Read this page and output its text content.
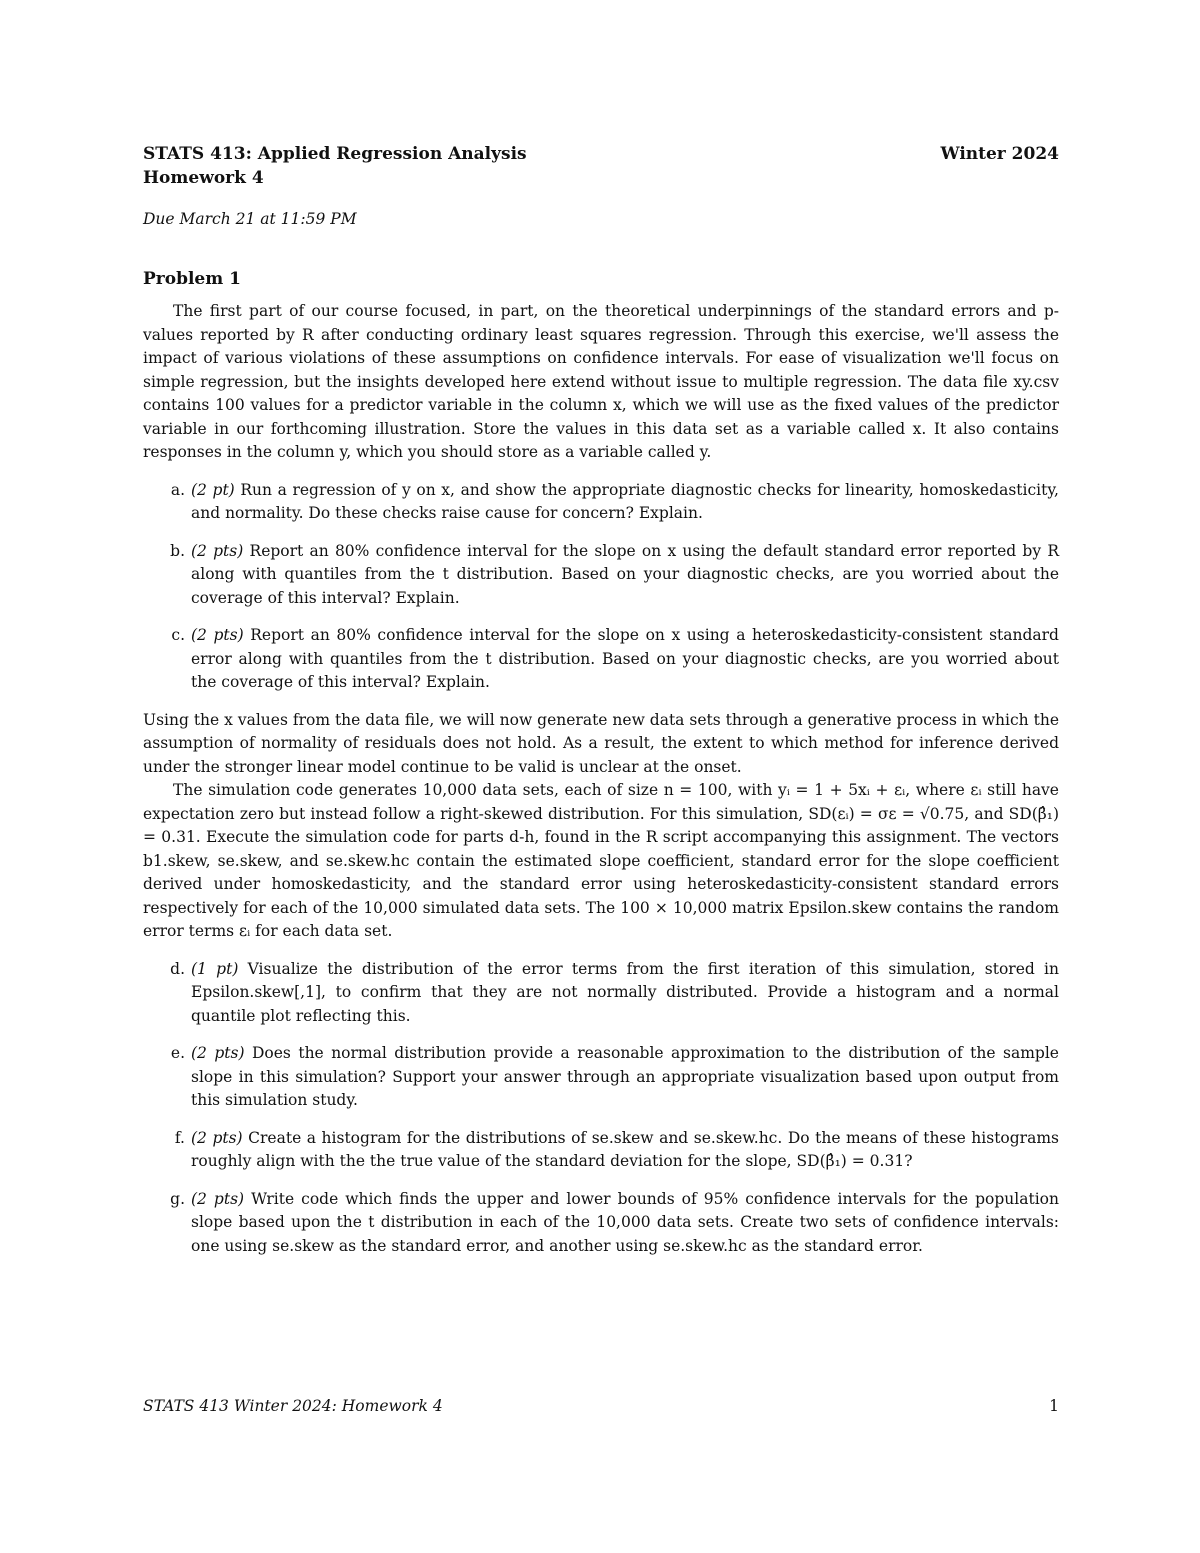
STATS 413: Applied Regression Analysis	Winter 2024
Homework 4
Due March 21 at 11:59 PM
Problem 1

The first part of our course focused, in part, on the theoretical underpinnings of the standard errors and p-values reported by R after conducting ordinary least squares regression. Through this exercise, we'll assess the impact of various violations of these assumptions on confidence intervals. For ease of visualization we'll focus on simple regression, but the insights developed here extend without issue to multiple regression. The data file xy.csv contains 100 values for a predictor variable in the column x, which we will use as the fixed values of the predictor variable in our forthcoming illustration. Store the values in this data set as a variable called x. It also contains responses in the column y, which you should store as a variable called y.

a. (2 pt) Run a regression of y on x, and show the appropriate diagnostic checks for linearity, homoskedasticity, and normality. Do these checks raise cause for concern? Explain.
b. (2 pts) Report an 80% confidence interval for the slope on x using the default standard error reported by R along with quantiles from the t distribution. Based on your diagnostic checks, are you worried about the coverage of this interval? Explain.
c. (2 pts) Report an 80% confidence interval for the slope on x using a heteroskedasticity-consistent standard error along with quantiles from the t distribution. Based on your diagnostic checks, are you worried about the coverage of this interval? Explain.

Using the x values from the data file, we will now generate new data sets through a generative process in which the assumption of normality of residuals does not hold. As a result, the extent to which method for inference derived under the stronger linear model continue to be valid is unclear at the onset.

The simulation code generates 10,000 data sets, each of size n = 100, with yᵢ = 1 + 5xᵢ + εᵢ, where εᵢ still have expectation zero but instead follow a right-skewed distribution. For this simulation, SD(εᵢ) = σε = √0.75, and SD(β̂₁) = 0.31. Execute the simulation code for parts d-h, found in the R script accompanying this assignment. The vectors b1.skew, se.skew, and se.skew.hc contain the estimated slope coefficient, standard error for the slope coefficient derived under homoskedasticity, and the standard error using heteroskedasticity-consistent standard errors respectively for each of the 10,000 simulated data sets. The 100 × 10,000 matrix Epsilon.skew contains the random error terms εᵢ for each data set.

d. (1 pt) Visualize the distribution of the error terms from the first iteration of this simulation, stored in Epsilon.skew[,1], to confirm that they are not normally distributed. Provide a histogram and a normal quantile plot reflecting this.
e. (2 pts) Does the normal distribution provide a reasonable approximation to the distribution of the sample slope in this simulation? Support your answer through an appropriate visualization based upon output from this simulation study.
f. (2 pts) Create a histogram for the distributions of se.skew and se.skew.hc. Do the means of these histograms roughly align with the the true value of the standard deviation for the slope, SD(β̂₁) = 0.31?
g. (2 pts) Write code which finds the upper and lower bounds of 95% confidence intervals for the population slope based upon the t distribution in each of the 10,000 data sets. Create two sets of confidence intervals: one using se.skew as the standard error, and another using se.skew.hc as the standard error.
STATS 413 Winter 2024: Homework 4	1
